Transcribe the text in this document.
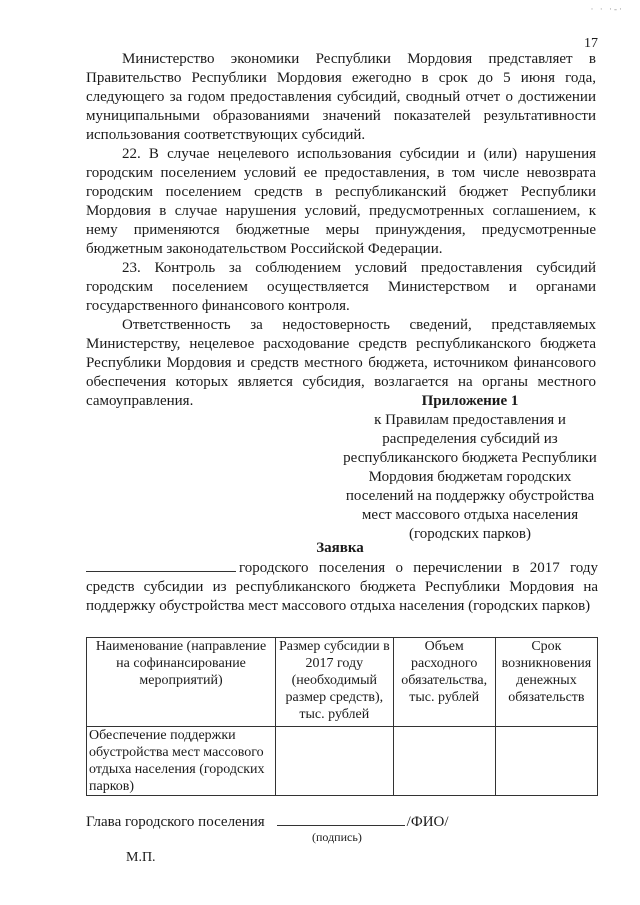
· · ·‐·
17

Министерство экономики Республики Мордовия представляет в Правительство Республики Мордовия ежегодно в срок до 5 июня года, следующего за годом предоставления субсидий, сводный отчет о достижении муниципальными образованиями значений показателей результативности использования соответствующих субсидий.

22. В случае нецелевого использования субсидии и (или) нарушения городским поселением условий ее предоставления, в том числе невозврата городским поселением средств в республиканский бюджет Республики Мордовия в случае нарушения условий, предусмотренных соглашением, к нему применяются бюджетные меры принуждения, предусмотренные бюджетным законодательством Российской Федерации.

23. Контроль за соблюдением условий предоставления субсидий городским поселением осуществляется Министерством и органами государственного финансового контроля.

Ответственность за недостоверность сведений, представляемых Министерству, нецелевое расходование средств республиканского бюджета Республики Мордовия и средств местного бюджета, источником финансового обеспечения которых является субсидия, возлагается на органы местного самоуправления.	Приложение 1
к Правилам предоставления и распределения субсидий из республиканского бюджета Республики Мордовия бюджетам городских поселений на поддержку обустройства мест массового отдыха населения (городских парков)
Заявка
городского поселения о перечислении в 2017 году средств субсидии из республиканского бюджета Республики Мордовия на поддержку обустройства мест массового отдыха населения (городских парков)
Наименование (направление на софинансирование мероприятий)	Размер субсидии в 2017 году (необходимый размер средств), тыс. рублей	Объем расходного обязательства, тыс. рублей	Срок возникновения денежных обязательств
Обеспечение поддержки обустройства мест массового отдыха населения (городских парков)			
Глава городского поселения	/ФИО/
(подпись)
М.П.
